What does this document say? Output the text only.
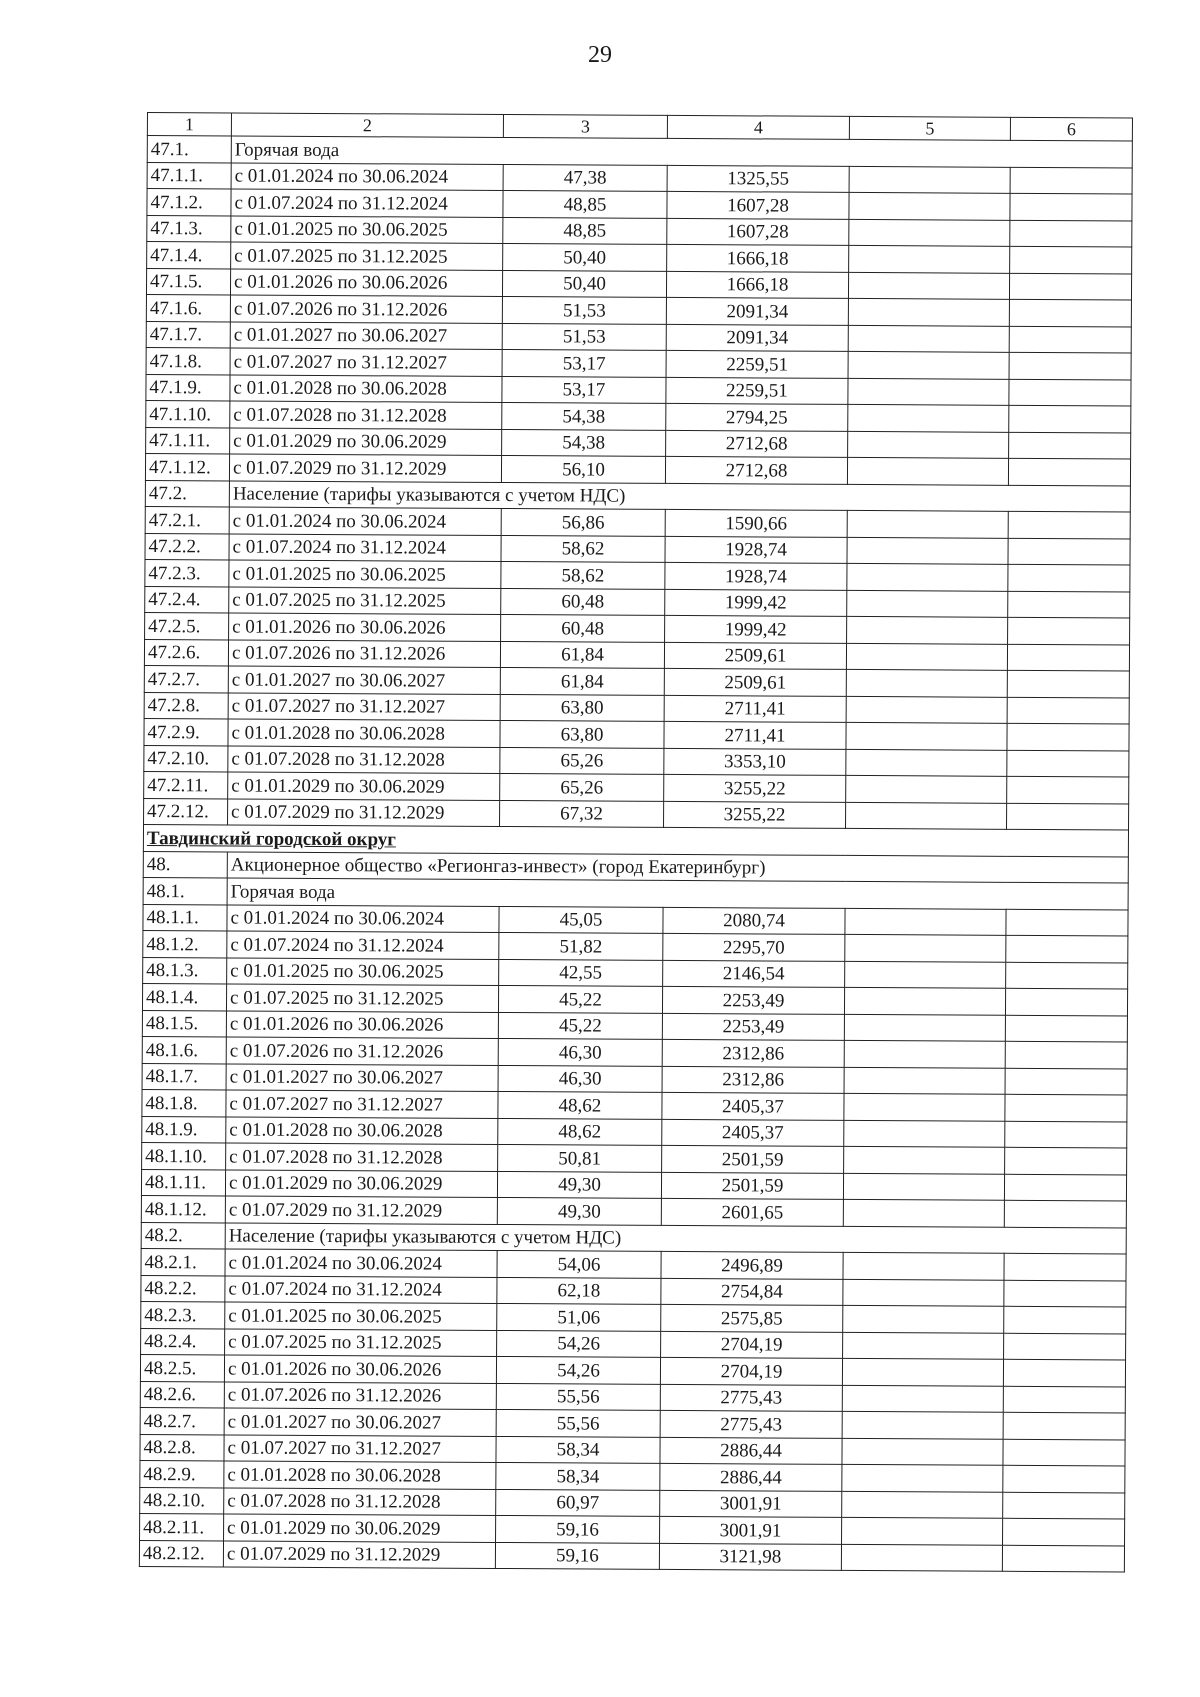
29
1	2	3	4	5	6
47.1.	Горячая вода				
47.1.1.	с 01.01.2024 по 30.06.2024	47,38	1325,55		
47.1.2.	с 01.07.2024 по 31.12.2024	48,85	1607,28		
47.1.3.	с 01.01.2025 по 30.06.2025	48,85	1607,28		
47.1.4.	с 01.07.2025 по 31.12.2025	50,40	1666,18		
47.1.5.	с 01.01.2026 по 30.06.2026	50,40	1666,18		
47.1.6.	с 01.07.2026 по 31.12.2026	51,53	2091,34		
47.1.7.	с 01.01.2027 по 30.06.2027	51,53	2091,34		
47.1.8.	с 01.07.2027 по 31.12.2027	53,17	2259,51		
47.1.9.	с 01.01.2028 по 30.06.2028	53,17	2259,51		
47.1.10.	с 01.07.2028 по 31.12.2028	54,38	2794,25		
47.1.11.	с 01.01.2029 по 30.06.2029	54,38	2712,68		
47.1.12.	с 01.07.2029 по 31.12.2029	56,10	2712,68		
47.2.	Население (тарифы указываются с учетом НДС)				
47.2.1.	с 01.01.2024 по 30.06.2024	56,86	1590,66		
47.2.2.	с 01.07.2024 по 31.12.2024	58,62	1928,74		
47.2.3.	с 01.01.2025 по 30.06.2025	58,62	1928,74		
47.2.4.	с 01.07.2025 по 31.12.2025	60,48	1999,42		
47.2.5.	с 01.01.2026 по 30.06.2026	60,48	1999,42		
47.2.6.	с 01.07.2026 по 31.12.2026	61,84	2509,61		
47.2.7.	с 01.01.2027 по 30.06.2027	61,84	2509,61		
47.2.8.	с 01.07.2027 по 31.12.2027	63,80	2711,41		
47.2.9.	с 01.01.2028 по 30.06.2028	63,80	2711,41		
47.2.10.	с 01.07.2028 по 31.12.2028	65,26	3353,10		
47.2.11.	с 01.01.2029 по 30.06.2029	65,26	3255,22		
47.2.12.	с 01.07.2029 по 31.12.2029	67,32	3255,22		
Тавдинский городской округ					
48.	Акционерное общество «Регионгаз-инвест» (город Екатеринбург)				
48.1.	Горячая вода				
48.1.1.	с 01.01.2024 по 30.06.2024	45,05	2080,74		
48.1.2.	с 01.07.2024 по 31.12.2024	51,82	2295,70		
48.1.3.	с 01.01.2025 по 30.06.2025	42,55	2146,54		
48.1.4.	с 01.07.2025 по 31.12.2025	45,22	2253,49		
48.1.5.	с 01.01.2026 по 30.06.2026	45,22	2253,49		
48.1.6.	с 01.07.2026 по 31.12.2026	46,30	2312,86		
48.1.7.	с 01.01.2027 по 30.06.2027	46,30	2312,86		
48.1.8.	с 01.07.2027 по 31.12.2027	48,62	2405,37		
48.1.9.	с 01.01.2028 по 30.06.2028	48,62	2405,37		
48.1.10.	с 01.07.2028 по 31.12.2028	50,81	2501,59		
48.1.11.	с 01.01.2029 по 30.06.2029	49,30	2501,59		
48.1.12.	с 01.07.2029 по 31.12.2029	49,30	2601,65		
48.2.	Население (тарифы указываются с учетом НДС)				
48.2.1.	с 01.01.2024 по 30.06.2024	54,06	2496,89		
48.2.2.	с 01.07.2024 по 31.12.2024	62,18	2754,84		
48.2.3.	с 01.01.2025 по 30.06.2025	51,06	2575,85		
48.2.4.	с 01.07.2025 по 31.12.2025	54,26	2704,19		
48.2.5.	с 01.01.2026 по 30.06.2026	54,26	2704,19		
48.2.6.	с 01.07.2026 по 31.12.2026	55,56	2775,43		
48.2.7.	с 01.01.2027 по 30.06.2027	55,56	2775,43		
48.2.8.	с 01.07.2027 по 31.12.2027	58,34	2886,44		
48.2.9.	с 01.01.2028 по 30.06.2028	58,34	2886,44		
48.2.10.	с 01.07.2028 по 31.12.2028	60,97	3001,91		
48.2.11.	с 01.01.2029 по 30.06.2029	59,16	3001,91		
48.2.12.	с 01.07.2029 по 31.12.2029	59,16	3121,98		
